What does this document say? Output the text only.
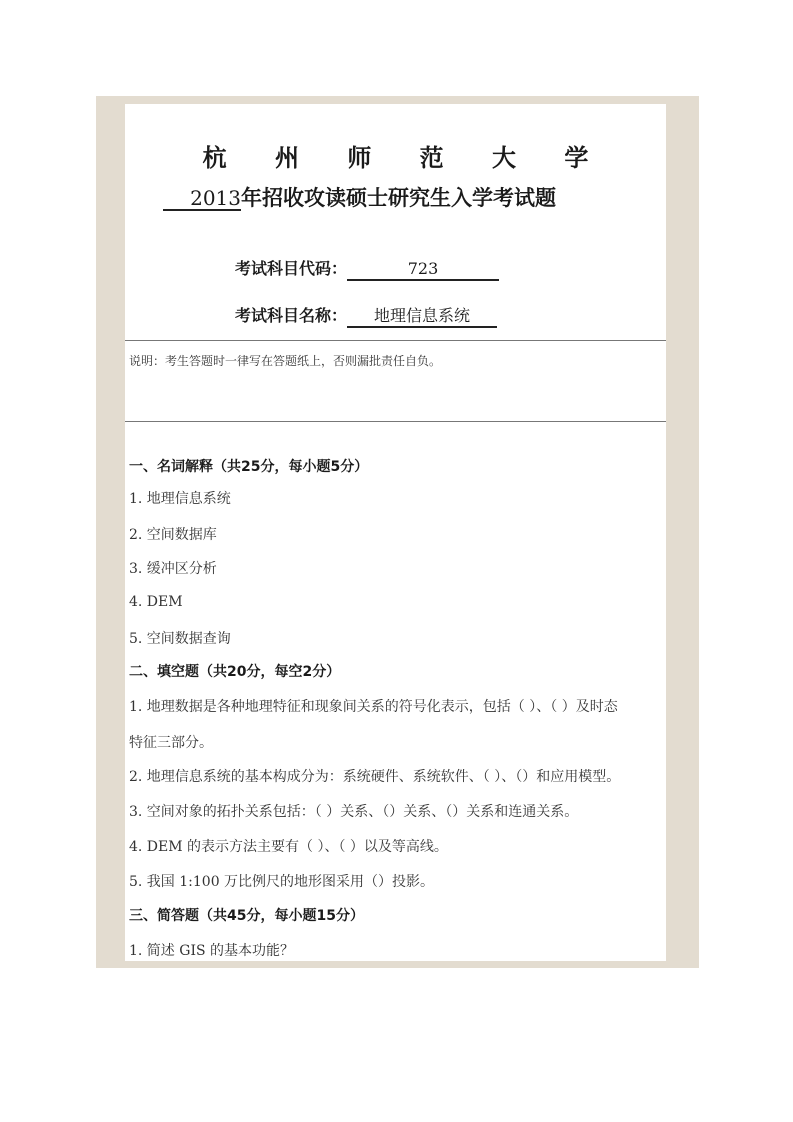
杭 州 师 范 大 学
2013年招收攻读硕士研究生入学考试题
考试科目代码：	723
考试科目名称： 地理信息系统
说明：考生答题时一律写在答题纸上，否则漏批责任自负。
一、名词解释（共25分，每小题5分）
1. 地理信息系统
2. 空间数据库
3. 缓冲区分析
4. DEM
5. 空间数据查询
二、填空题（共20分，每空2分）
1. 地理数据是各种地理特征和现象间关系的符号化表示，包括（ ）、（ ）及时态
特征三部分。
2. 地理信息系统的基本构成分为：系统硬件、系统软件、（ ）、（）和应用模型。
3. 空间对象的拓扑关系包括：（ ）关系、（）关系、（）关系和连通关系。
4. DEM 的表示方法主要有（ ）、（ ）以及等高线。
5. 我国 1:100 万比例尺的地形图采用（）投影。
三、简答题（共45分，每小题15分）
1. 简述 GIS 的基本功能？
